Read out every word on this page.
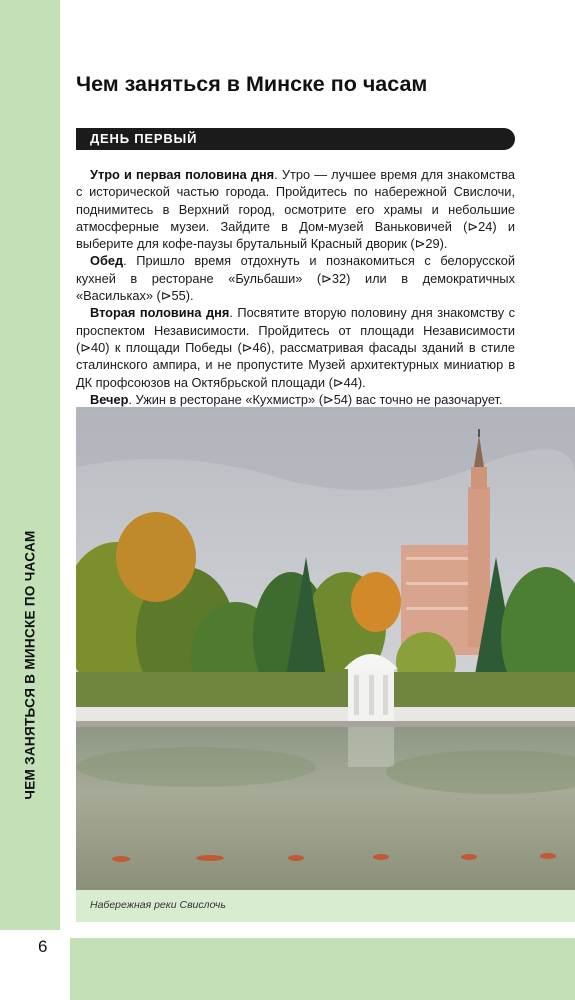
ЧЕМ ЗАНЯТЬСЯ В МИНСКЕ ПО ЧАСАМ
Чем заняться в Минске по часам
ДЕНЬ ПЕРВЫЙ

Утро и первая половина дня. Утро — лучшее время для знакомства с исторической частью города. Пройдитесь по набережной Свислочи, поднимитесь в Верхний город, осмотрите его храмы и небольшие атмосферные музеи. Зайдите в Дом-музей Ваньковичей (⊳24) и выберите для кофе-паузы брутальный Красный дворик (⊳29).

Обед. Пришло время отдохнуть и познакомиться с белорусской кухней в ресторане «Бульбаши» (⊳32) или в демократичных «Васильках» (⊳55).

Вторая половина дня. Посвятите вторую половину дня знакомству с проспектом Независимости. Пройдитесь от площади Независимости (⊳40) к площади Победы (⊳46), рассматривая фасады зданий в стиле сталинского ампира, и не пропустите Музей архитектурных миниатюр в ДК профсоюзов на Октябрьской площади (⊳44).

Вечер. Ужин в ресторане «Кухмистр» (⊳54) вас точно не разочарует.

Набережная реки Свислочь
6
